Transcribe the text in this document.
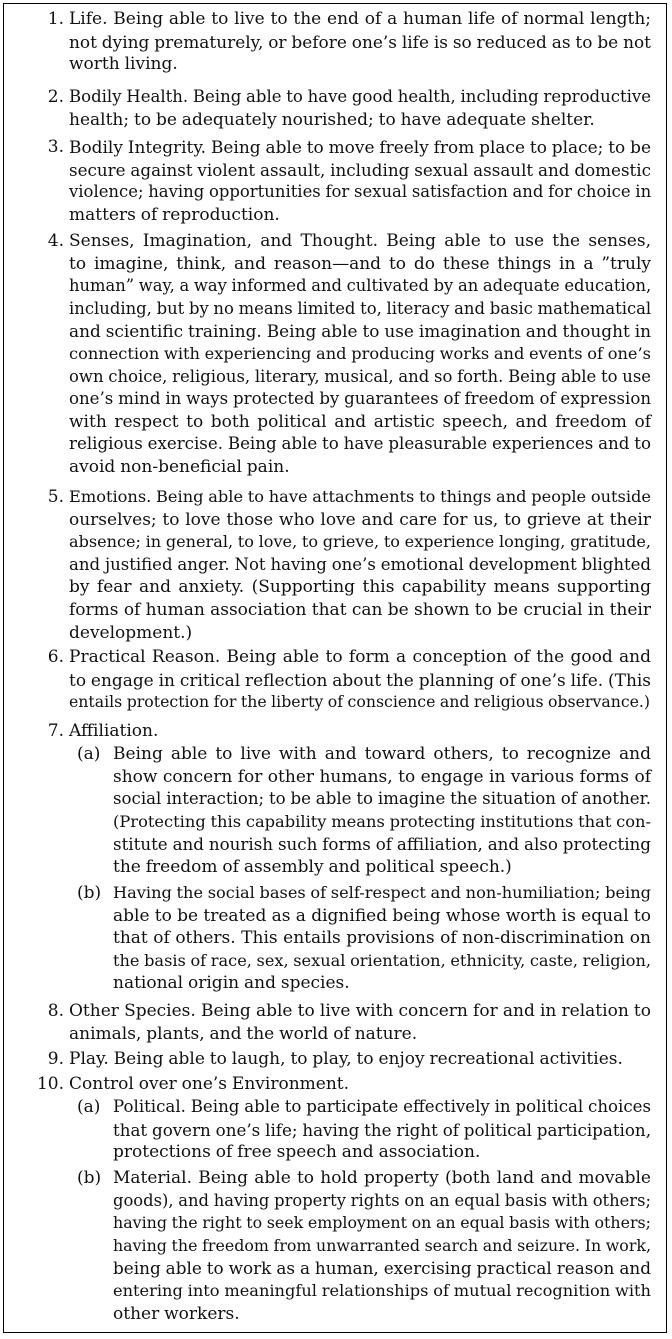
1. Life. Being able to live to the end of a human life of normal length;
not dying prematurely, or before one’s life is so reduced as to be not
worth living.
2. Bodily Health. Being able to have good health, including reproductive
health; to be adequately nourished; to have adequate shelter.
3. Bodily Integrity. Being able to move freely from place to place; to be
secure against violent assault, including sexual assault and domestic
violence; having opportunities for sexual satisfaction and for choice in
matters of reproduction.
4. Senses, Imagination, and Thought. Being able to use the senses,
to imagine, think, and reason—and to do these things in a ”truly
human” way, a way informed and cultivated by an adequate education,
including, but by no means limited to, literacy and basic mathematical
and scientific training. Being able to use imagination and thought in
connection with experiencing and producing works and events of one’s
own choice, religious, literary, musical, and so forth. Being able to use
one’s mind in ways protected by guarantees of freedom of expression
with respect to both political and artistic speech, and freedom of
religious exercise. Being able to have pleasurable experiences and to
avoid non-beneficial pain.
5. Emotions. Being able to have attachments to things and people outside
ourselves; to love those who love and care for us, to grieve at their
absence; in general, to love, to grieve, to experience longing, gratitude,
and justified anger. Not having one’s emotional development blighted
by fear and anxiety. (Supporting this capability means supporting
forms of human association that can be shown to be crucial in their
development.)
6. Practical Reason. Being able to form a conception of the good and
to engage in critical reflection about the planning of one’s life. (This
entails protection for the liberty of conscience and religious observance.)
7. Affiliation.
(a) Being able to live with and toward others, to recognize and
show concern for other humans, to engage in various forms of
social interaction; to be able to imagine the situation of another.
(Protecting this capability means protecting institutions that con-
stitute and nourish such forms of affiliation, and also protecting
the freedom of assembly and political speech.)
(b) Having the social bases of self-respect and non-humiliation; being
able to be treated as a dignified being whose worth is equal to
that of others. This entails provisions of non-discrimination on
the basis of race, sex, sexual orientation, ethnicity, caste, religion,
national origin and species.
8. Other Species. Being able to live with concern for and in relation to
animals, plants, and the world of nature.
9. Play. Being able to laugh, to play, to enjoy recreational activities.
10. Control over one’s Environment.
(a) Political. Being able to participate effectively in political choices
that govern one’s life; having the right of political participation,
protections of free speech and association.
(b) Material. Being able to hold property (both land and movable
goods), and having property rights on an equal basis with others;
having the right to seek employment on an equal basis with others;
having the freedom from unwarranted search and seizure. In work,
being able to work as a human, exercising practical reason and
entering into meaningful relationships of mutual recognition with
other workers.
